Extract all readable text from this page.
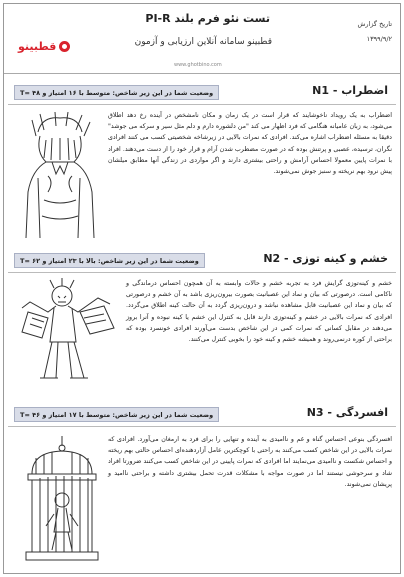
قطبینو
تست نئو فرم بلند PI-R
قطبینو سامانه آنلاین ارزیابی و آزمون
www.ghotbino.com
تاریخ گزارش
۱۳۹۹/۹/۲
وضعیت شما در این زیر شاخص: متوسط با ۱۶ امتیاز و ۴۸ =T	اضطراب - N1
اضطراب به یک رویداد ناخوشایند که قرار است در یک زمان و مکان نامشخص در آینده رخ دهد اطلاق می‌شود، به زبان عامیانه هنگامی که فرد اظهار می کند "من دلشوره دارم و دلم مثل سیر و سرکه می جوشد" دقیقا به مسئله اضطراب اشاره می‌کند. افرادی که نمرات بالایی در زیرشاخه شخصیتی کسب می کنند افرادی نگران، ترسیده، عصبی و پرتنش بوده که در صورت مضطرب شدن آرام و قرار خود را از دست می‌دهند. افراد با نمرات پایین معمولا احساس آرامش و راحتی بیشتری دارند و اگر مواردی در زندگی آنها مطابق میلشان پیش نرود بهم نریخته و سنبز جوش نمی‌شوند.
وضعیت شما در این زیر شاخص: بالا با ۲۳ امتیاز و ۶۲ =T	خشم و کینه توزی - N2
خشم و کینه‌توزی گرایش فرد به تجربه خشم و حالات وابسته به آن همچون احساس درماندگی و ناکامی است. درصورتی که بیان و نماد این عصبانیت بصورت بیرون‌ریزی باشد به آن خشم و درصورتی که بیان و نماد این عصبانیت قابل مشاهده نباشد و درون‌ریزی گردد به آن حالت کینه اطلاق می‌گردد. افرادی که نمرات بالایی در خشم و کینه‌توزی دارند قابل به کنترل این خشم یا کینه نبوده و آنرا بروز می‌دهند در مقابل کسانی که نمرات کمی در این شاخص بدست می‌آورند افرادی خونسرد بوده که براحتی از کوره درنمی‌روند و همیشه خشم و کینه خود را بخوبی کنترل می‌کنند.
وضعیت شما در این زیر شاخص: متوسط با ۱۷ امتیاز و ۴۶ =T	افسردگی - N3
افسردگی بنوعی احساس گناه و غم و ناامیدی به آینده و تنهایی را برای فرد به ارمغان می‌آورد. افرادی که نمرات بالایی در این شاخص کسب می‌کنند به راحتی با کوچکترین عامل آزاردهنده‌ای احساس حالتی بهم ریخته و احساس شکست و ناامیدی می‌نمایند اما افرادی که نمرات پایینی در این شاخص کسب می‌کنند ضرورتا افراد شاد و سرحوشی نیستند اما در صورت مواجه با مشکلات قدرت تحمل بیشتری داشته و براحتی ناامید و پریشان نمی‌شوند.
